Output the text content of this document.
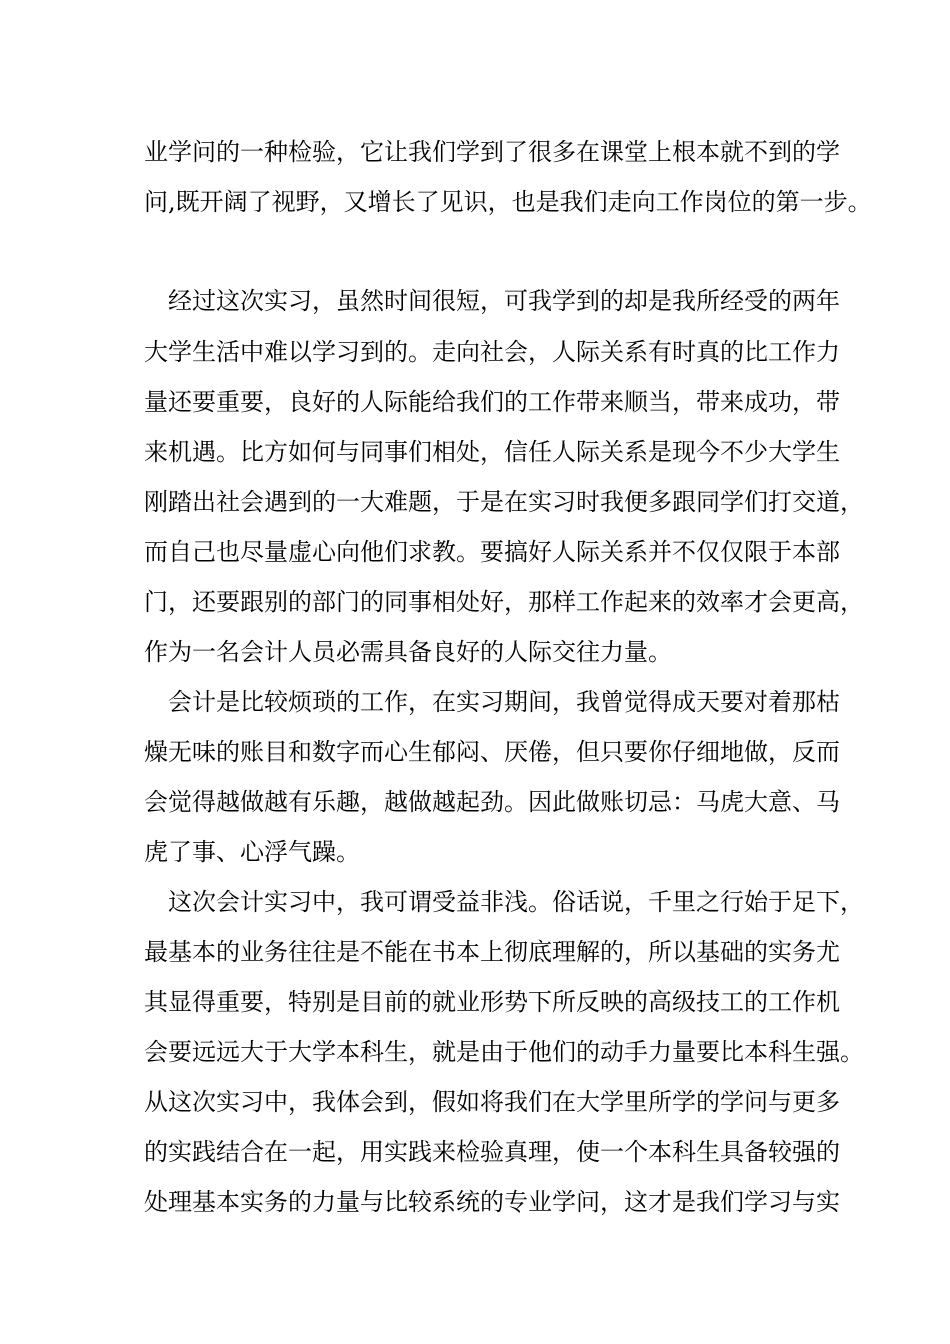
业学问的一种检验，它让我们学到了很多在课堂上根本就不到的学
问,既开阔了视野，又增长了见识，也是我们走向工作岗位的第一步。
经过这次实习，虽然时间很短，可我学到的却是我所经受的两年
大学生活中难以学习到的。走向社会，人际关系有时真的比工作力
量还要重要，良好的人际能给我们的工作带来顺当，带来成功，带
来机遇。比方如何与同事们相处，信任人际关系是现今不少大学生
刚踏出社会遇到的一大难题，于是在实习时我便多跟同学们打交道，
而自己也尽量虚心向他们求教。要搞好人际关系并不仅仅限于本部
门，还要跟别的部门的同事相处好，那样工作起来的效率才会更高，
作为一名会计人员必需具备良好的人际交往力量。
会计是比较烦琐的工作，在实习期间，我曾觉得成天要对着那枯
燥无味的账目和数字而心生郁闷、厌倦，但只要你仔细地做，反而
会觉得越做越有乐趣，越做越起劲。因此做账切忌：马虎大意、马
虎了事、心浮气躁。
这次会计实习中，我可谓受益非浅。俗话说，千里之行始于足下，
最基本的业务往往是不能在书本上彻底理解的，所以基础的实务尤
其显得重要，特别是目前的就业形势下所反映的高级技工的工作机
会要远远大于大学本科生，就是由于他们的动手力量要比本科生强。
从这次实习中，我体会到，假如将我们在大学里所学的学问与更多
的实践结合在一起，用实践来检验真理，使一个本科生具备较强的
处理基本实务的力量与比较系统的专业学问，这才是我们学习与实
